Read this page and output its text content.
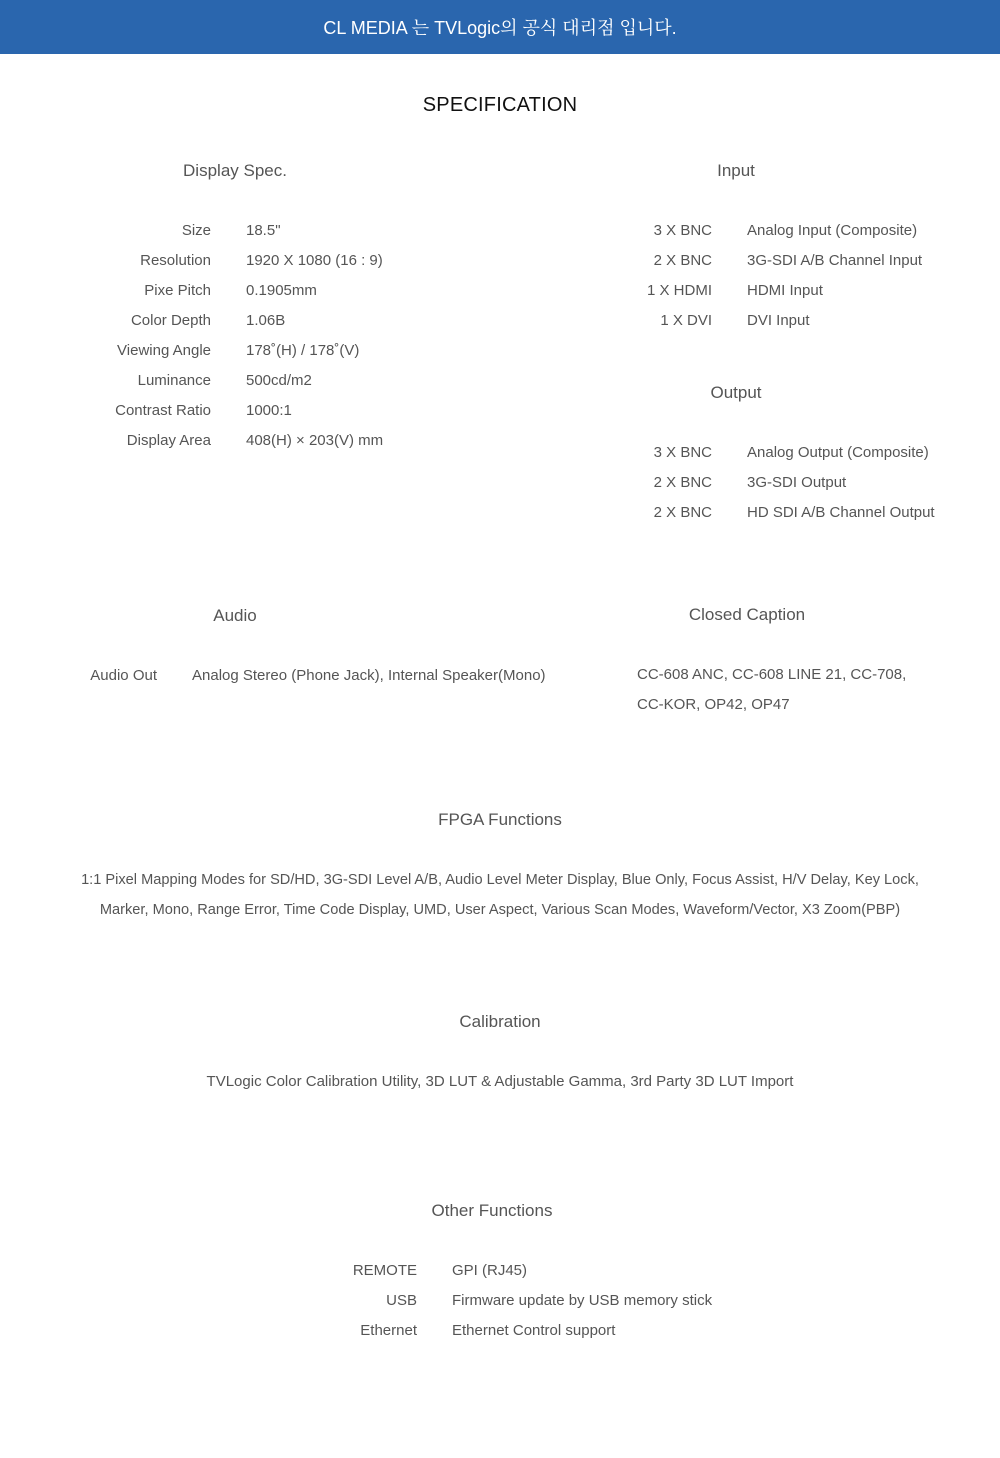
CL MEDIA 는 TVLogic의 공식 대리점 입니다.
SPECIFICATION
Display Spec.
Size 18.5"
Resolution 1920 X 1080 (16 : 9)
Pixe Pitch 0.1905mm
Color Depth 1.06B
Viewing Angle 178˚(H) / 178˚(V)
Luminance 500cd/m2
Contrast Ratio 1000:1
Display Area 408(H) × 203(V) mm
Input
3 X BNC Analog Input (Composite)
2 X BNC 3G-SDI A/B Channel Input
1 X HDMI HDMI Input
1 X DVI DVI Input
Output
3 X BNC Analog Output (Composite)
2 X BNC 3G-SDI Output
2 X BNC HD SDI A/B Channel Output
Audio
Audio Out Analog Stereo (Phone Jack), Internal Speaker(Mono)
Closed Caption
CC-608 ANC, CC-608 LINE 21, CC-708,
CC-KOR, OP42, OP47
FPGA Functions
1:1 Pixel Mapping Modes for SD/HD, 3G-SDI Level A/B, Audio Level Meter Display, Blue Only, Focus Assist, H/V Delay, Key Lock,
Marker, Mono, Range Error, Time Code Display, UMD, User Aspect, Various Scan Modes, Waveform/Vector, X3 Zoom(PBP)
Calibration
TVLogic Color Calibration Utility, 3D LUT & Adjustable Gamma, 3rd Party 3D LUT Import
Other Functions
REMOTE GPI (RJ45)
USB Firmware update by USB memory stick
Ethernet Ethernet Control support
